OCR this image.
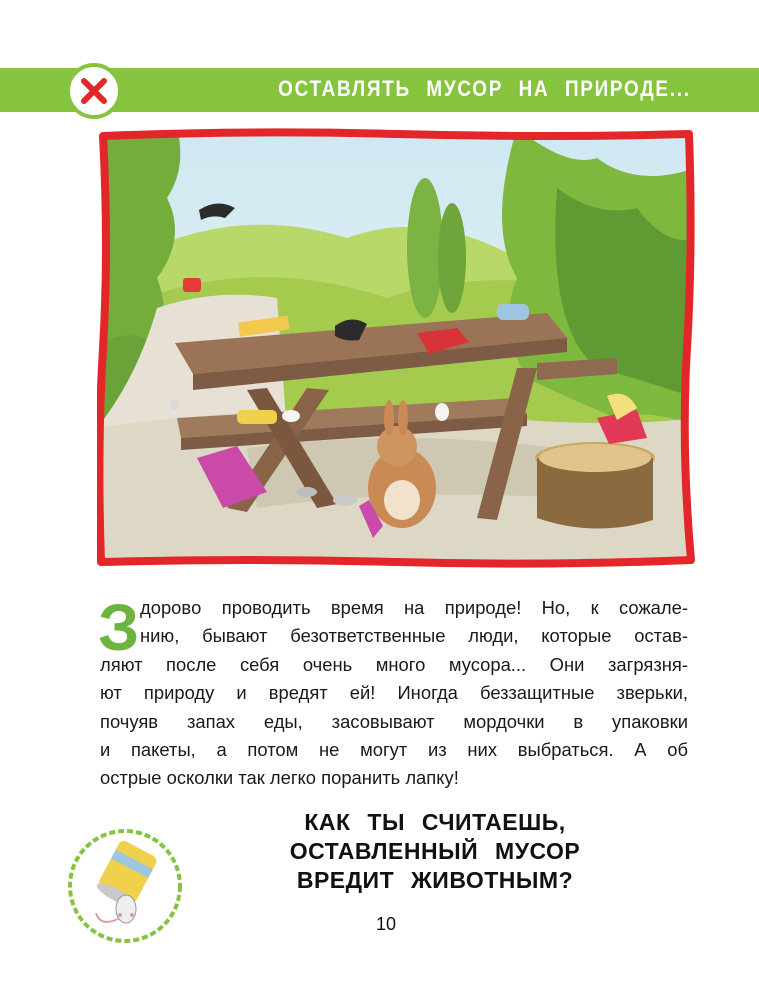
ОСТАВЛЯТЬ МУСОР НА ПРИРОДЕ...
З доровo проводить время на природе! Но, к сожале-
нию, бывают безответственные люди, которые остав-
ляют после себя очень много мусора... Они загрязня-
ют природу и вредят ей! Иногда беззащитные зверьки,
почуяв запах еды, засовывают мордочки в упаковки
и пакеты, а потом не могут из них выбраться. А об
острые осколки так легко поранить лапку!
КАК ТЫ СЧИТАЕШЬ,
ОСТАВЛЕННЫЙ МУСОР
ВРЕДИТ ЖИВОТНЫМ?
10
